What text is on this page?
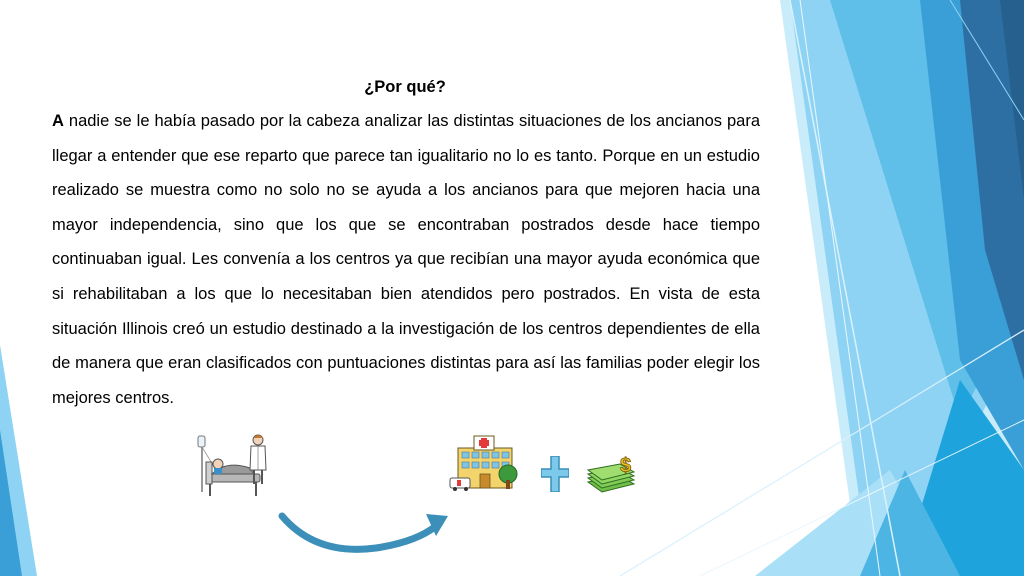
¿Por qué?

A nadie se le había pasado por la cabeza analizar las distintas situaciones de los ancianos para llegar a entender que ese reparto que parece tan igualitario no lo es tanto. Porque en un estudio realizado se muestra como no solo no se ayuda a los ancianos para que mejoren hacia una mayor independencia, sino que los que se encontraban postrados desde hace tiempo continuaban igual. Les convenía a los centros ya que recibían una mayor ayuda económica que si rehabilitaban a los que lo necesitaban bien atendidos pero postrados. En vista de esta situación Illinois creó un estudio destinado a la investigación de los centros dependientes de ella de manera que eran clasificados con puntuaciones distintas para así las familias poder elegir los mejores centros.

$
